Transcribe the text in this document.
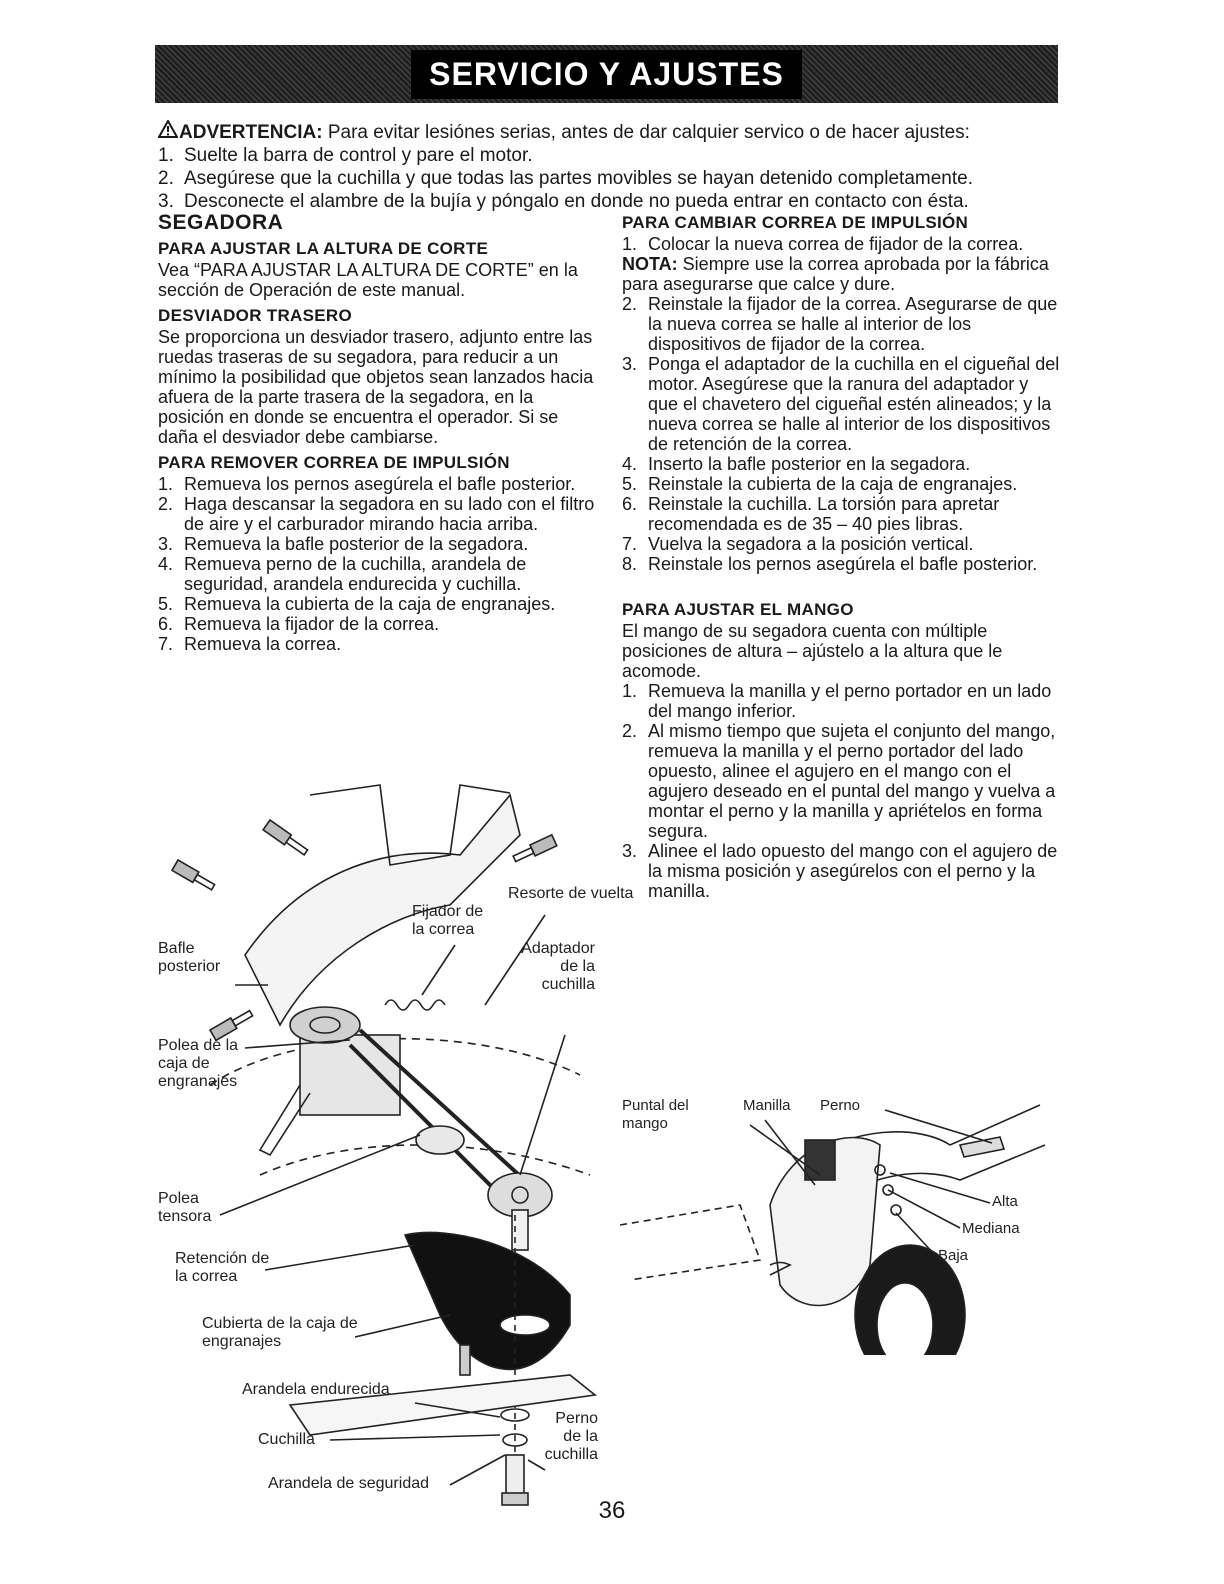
SERVICIO Y AJUSTES
ADVERTENCIA: Para evitar lesiónes serias, antes de dar calquier servico o de hacer ajustes:
1. Suelte la barra de control y pare el motor.
2. Asegúrese que la cuchilla y que todas las partes movibles se hayan detenido completamente.
3. Desconecte el alambre de la bujía y póngalo en donde no pueda entrar en contacto con ésta.
SEGADORA
PARA AJUSTAR LA ALTURA DE CORTE

Vea “PARA AJUSTAR LA ALTURA DE CORTE” en la sección de Operación de este manual.

DESVIADOR TRASERO

Se proporciona un desviador trasero, adjunto entre las ruedas traseras de su segadora, para reducir a un mínimo la posibilidad que objetos sean lanzados hacia afuera de la parte trasera de la segadora, en la posición en donde se encuentra el operador. Si se daña el desviador debe cambiarse.

PARA REMOVER CORREA DE IMPULSIÓN
1. Remueva los pernos asegúrela el bafle posterior.
2. Haga descansar la segadora en su lado con el filtro de aire y el carburador mirando hacia arriba.
3. Remueva la bafle posterior de la segadora.
4. Remueva perno de la cuchilla, arandela de seguridad, arandela endurecida y cuchilla.
5. Remueva la cubierta de la caja de engranajes.
6. Remueva la fijador de la correa.
7. Remueva la correa.
PARA CAMBIAR CORREA DE IMPULSIÓN
1. Colocar la nueva correa de fijador de la correa.

NOTA: Siempre use la correa aprobada por la fábrica para asegurarse que calce y dure.

2. Reinstale la fijador de la correa. Asegurarse de que la nueva correa se halle al interior de los dispositivos de fijador de la correa.
3. Ponga el adaptador de la cuchilla en el cigueñal del motor. Asegúrese que la ranura del adaptador y que el chavetero del cigueñal estén alineados; y la nueva correa se halle al interior de los dispositivos de retención de la correa.
4. Inserto la bafle posterior en la segadora.
5. Reinstale la cubierta de la caja de engranajes.
6. Reinstale la cuchilla. La torsión para apretar recomendada es de 35 – 40 pies libras.
7. Vuelva la segadora a la posición vertical.
8. Reinstale los pernos asegúrela el bafle posterior.
PARA AJUSTAR EL MANGO

El mango de su segadora cuenta con múltiple posiciones de altura – ajústelo a la altura que le acomode.

1. Remueva la manilla y el perno portador en un lado del mango inferior.
2. Al mismo tiempo que sujeta el conjunto del mango, remueva la manilla y el perno portador del lado opuesto, alinee el agujero en el mango con el agujero deseado en el puntal del mango y vuelva a montar el perno y la manilla y apriételos en forma segura.
3. Alinee el lado opuesto del mango con el agujero de la misma posición y asegúrelos con el perno y la manilla.
Resorte de vuelta
Fijador de la correa
Bafle posterior
Adaptador de la cuchilla
Polea de la caja de engranajes
Polea tensora
Retención de la correa
Cubierta de la caja de engranajes
Arandela endurecida
Cuchilla
Perno de la cuchilla
Arandela de seguridad
Puntal del mango
Manilla Perno
Alta
Mediana
Baja
36
